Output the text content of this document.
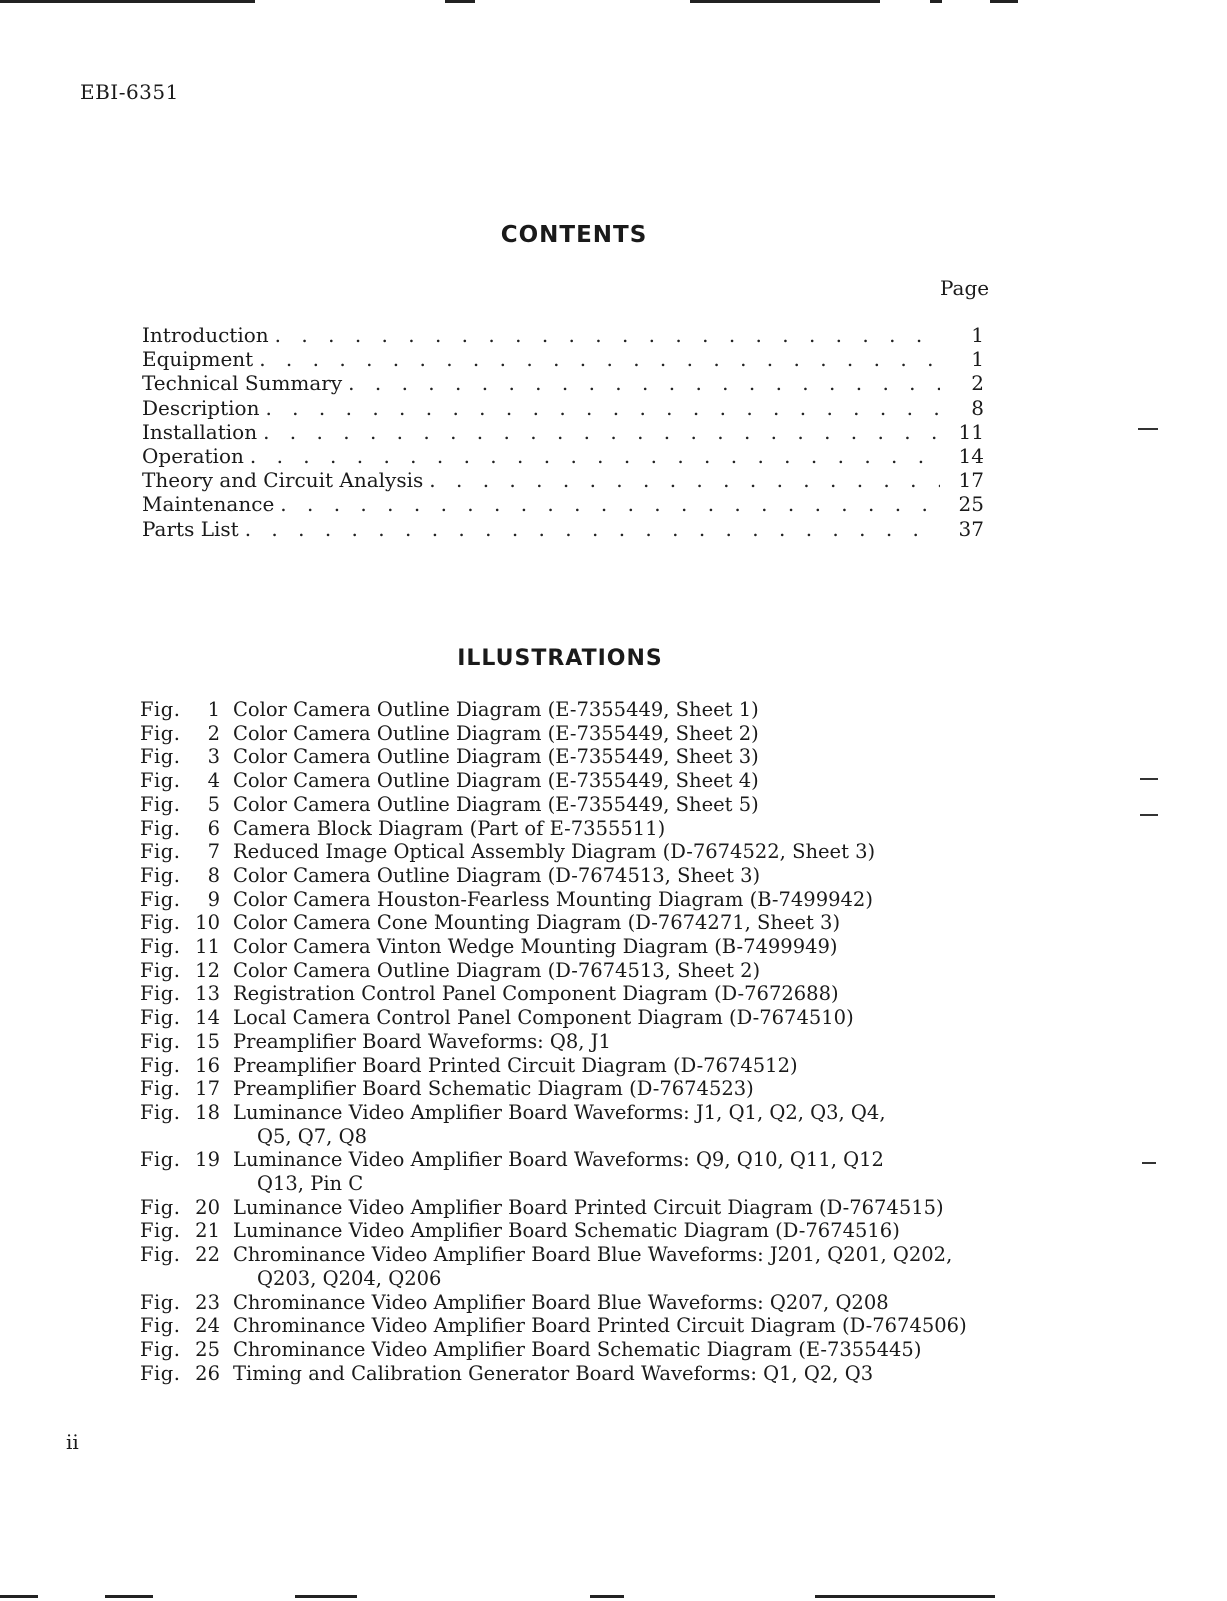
EBI-6351
CONTENTS
Page
Introduction . . .	1
Equipment . . .	1
Technical Summary . . .	2
Description . . .	8
Installation . . .	11
Operation . . .	14
Theory and Circuit Analysis . . .	17
Maintenance . . .	25
Parts List . . .	37
ILLUSTRATIONS
Fig.	1 Color Camera Outline Diagram (E-7355449, Sheet 1)
Fig.	2 Color Camera Outline Diagram (E-7355449, Sheet 2)
Fig.	3 Color Camera Outline Diagram (E-7355449, Sheet 3)
Fig.	4 Color Camera Outline Diagram (E-7355449, Sheet 4)
Fig.	5 Color Camera Outline Diagram (E-7355449, Sheet 5)
Fig.	6 Camera Block Diagram (Part of E-7355511)
Fig.	7 Reduced Image Optical Assembly Diagram (D-7674522, Sheet 3)
Fig.	8 Color Camera Outline Diagram (D-7674513, Sheet 3)
Fig.	9 Color Camera Houston-Fearless Mounting Diagram (B-7499942)
Fig. 10 Color Camera Cone Mounting Diagram (D-7674271, Sheet 3)
Fig. 11 Color Camera Vinton Wedge Mounting Diagram (B-7499949)
Fig. 12 Color Camera Outline Diagram (D-7674513, Sheet 2)
Fig. 13 Registration Control Panel Component Diagram (D-7672688)
Fig. 14 Local Camera Control Panel Component Diagram (D-7674510)
Fig. 15 Preamplifier Board Waveforms: Q8, J1
Fig. 16 Preamplifier Board Printed Circuit Diagram (D-7674512)
Fig. 17 Preamplifier Board Schematic Diagram (D-7674523)
Fig. 18 Luminance Video Amplifier Board Waveforms: J1, Q1, Q2, Q3, Q4,
Q5, Q7, Q8
Fig. 19 Luminance Video Amplifier Board Waveforms: Q9, Q10, Q11, Q12
Q13, Pin C
Fig. 20 Luminance Video Amplifier Board Printed Circuit Diagram (D-7674515)
Fig. 21 Luminance Video Amplifier Board Schematic Diagram (D-7674516)
Fig. 22 Chrominance Video Amplifier Board Blue Waveforms: J201, Q201, Q202,
Q203, Q204, Q206
Fig. 23 Chrominance Video Amplifier Board Blue Waveforms: Q207, Q208
Fig. 24 Chrominance Video Amplifier Board Printed Circuit Diagram (D-7674506)
Fig. 25 Chrominance Video Amplifier Board Schematic Diagram (E-7355445)
Fig. 26 Timing and Calibration Generator Board Waveforms: Q1, Q2, Q3
ii
